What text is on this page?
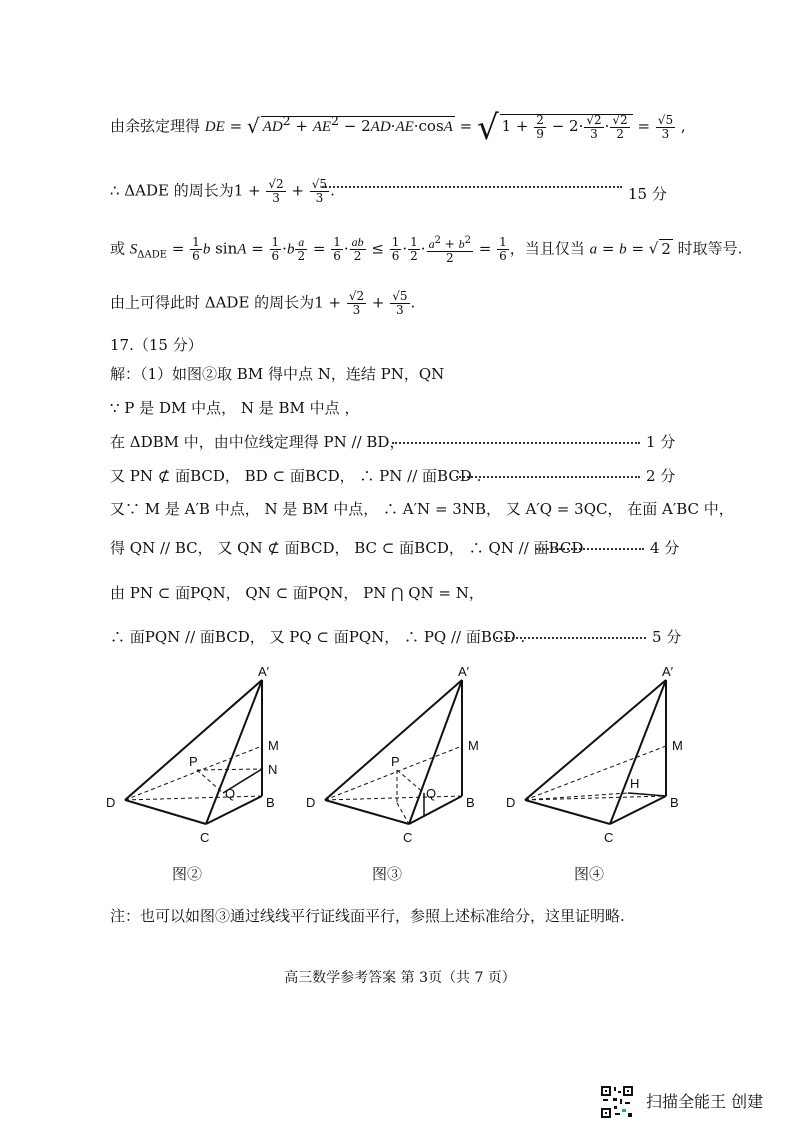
由余弦定理得 DE = √ $AD^2 + AE^2 - 2AD\cdot AE\cdot\cos A$ = √ $1 + \frac{2}{9} - 2\cdot \frac{√2}{3} \cdot \frac{√2}{2} = \frac{√5}{3}$ ,
∴ ΔADE 的周长为$1 + \frac{√2}{3} + \frac{√5}{3}$ .	15 分
或 $S_{\Delta ADE} = \frac{1}{6}$ b $\sin A = \frac{1}{6} \cdot b \frac{a}{2} = \frac{1}{6} \cdot \frac{ab}{2} \le \frac{1}{6} \cdot \frac{1}{2} \cdot \frac{a^2 + b^2}{2} = \frac{1}{6}$ ，当且仅当 a = b = √ 2 时取等号.
由上可得此时 ΔADE 的周长为$1 + \frac{√2}{3} + \frac{√5}{3}$ .
17.（15 分）
解：（1）如图②取 BM 得中点 N，连结 PN，QN
∵ P 是 DM 中点， N 是 BM 中点 ，
在 ΔDBM 中，由中位线定理得 PN // BD，	1 分
又 PN ⊄ 面BCD， BD ⊂ 面BCD， ∴ PN // 面BCD .	2 分
又∵ M 是 A′B 中点， N 是 BM 中点， ∴ A′N = 3NB， 又 A′Q = 3QC， 在面 A′BC 中，
得 QN // BC， 又 QN ⊄ 面BCD， BC ⊂ 面BCD， ∴ QN // 面BCD	4 分
由 PN ⊂ 面PQN， QN ⊂ 面PQN， PN ⋂ QN = N，
∴ 面PQN // 面BCD， 又 PQ ⊂ 面PQN， ∴ PQ // 面BCD .	5 分
A′
M
N
P
Q
D	B
C
A′
M
P
Q
D	B
C
A′
M
H
D	B
C
图②	图③	图④
注：也可以如图③通过线线平行证线面平行，参照上述标准给分，这里证明略.
高三数学参考答案 第 3页（共 7 页）
扫描全能王 创建
